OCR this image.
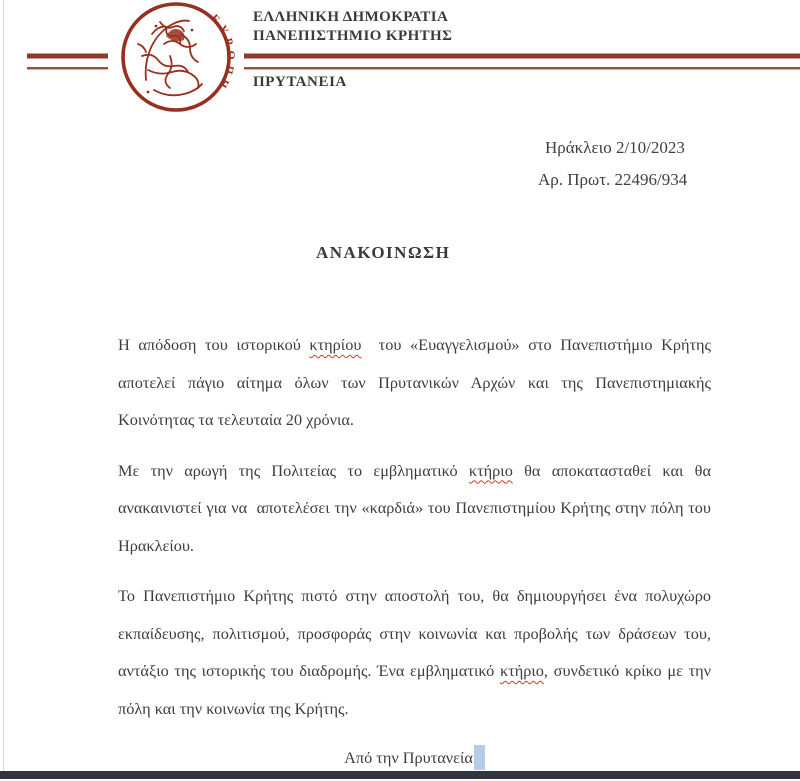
ΕΥΡΩΠΗ
ΕΛΛΗΝΙΚΗ ΔΗΜΟΚΡΑΤΙΑ
ΠΑΝΕΠΙΣΤΗΜΙΟ ΚΡΗΤΗΣ
ΠΡΥΤΑΝΕΙΑ
Ηράκλειο 2/10/2023
Αρ. Πρωτ. 22496/934
ΑΝΑΚΟΙΝΩΣΗ

Η απόδοση του ιστορικού κτηρίου  του «Ευαγγελισμού» στο Πανεπιστήμιο Κρήτης αποτελεί πάγιο αίτημα όλων των Πρυτανικών Αρχών και της Πανεπιστημιακής Κοινότητας τα τελευταία 20 χρόνια.

Με την αρωγή της Πολιτείας το εμβληματικό κτήριο θα αποκατασταθεί και θα ανακαινιστεί για να  αποτελέσει την «καρδιά» του Πανεπιστημίου Κρήτης στην πόλη του Ηρακλείου.

Το Πανεπιστήμιο Κρήτης πιστό στην αποστολή του, θα δημιουργήσει ένα πολυχώρο εκπαίδευσης, πολιτισμού, προσφοράς στην κοινωνία και προβολής των δράσεων του, αντάξιο της ιστορικής του διαδρομής. Ένα εμβληματικό κτήριο, συνδετικό κρίκο με την πόλη και την κοινωνία της Κρήτης.

Από την Πρυτανεία
